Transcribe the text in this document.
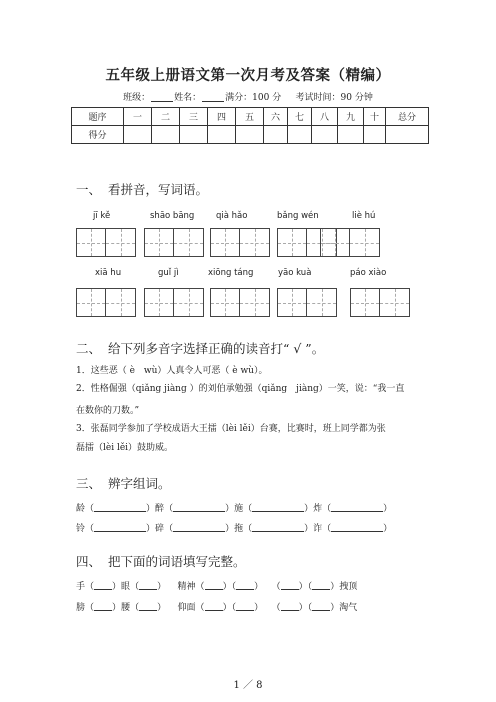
五年级上册语文第一次月考及答案（精编）
班级：	姓名：	满分：100 分 考试时间：90 分钟
题序	一	二	三	四	五	六	七	八	九	十	总分
得分											
一、 看拼音，写词语。
jī kě	shāo bāng	qià hǎo	bǎng wén	liè hú
xiā hu	guǐ jì	xiōng táng	yāo kuà	páo xiào
二、 给下列多音字选择正确的读音打“ √ ”。
1．这些恶（ è　wù）人真令人可恶（ è wù）。
2．性格倔强（qiǎng jiàng ）的刘伯承勉强（qiǎng　jiàng）一笑，说：“我一直
在数你的刀数。”
3．张磊同学参加了学校成语大王擂（lèi lěi）台赛，比赛时，班上同学都为张
磊擂（lèi lěi）鼓助威。
三、 辨字组词。
龄（	）醉（	）施（	）炸（	）
铃（	）碎（	）拖（	）诈（	）
四、 把下面的词语填写完整。
手（ ）眼（ ）    精神（ ）（ ）   （ ）（ ）拽顶
膀（ ）腰（ ）    仰面（ ）（ ）   （ ）（ ）淘气
1 ／ 8
